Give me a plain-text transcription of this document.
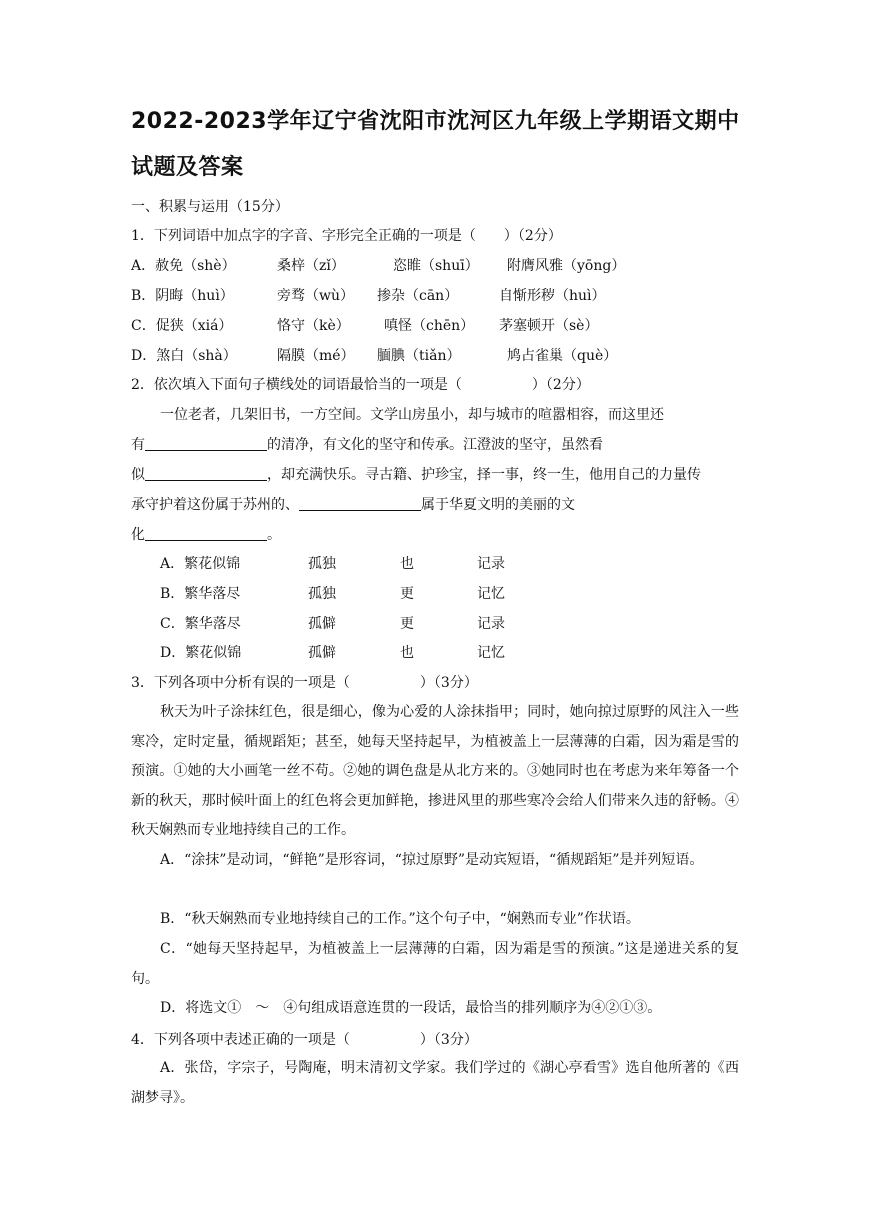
2022-2023学年辽宁省沈阳市沈河区九年级上学期语文期中
试题及答案
一、积累与运用（15分）
1．下列词语中加点字的字音、字形完全正确的一项是（　　）（2分）
A．赦免（shè）	桑梓（zǐ）	恣睢（shuī） 附膺风雅（yōng）
B．阴晦（huì）	旁骛（wù） 掺杂（cān）	自惭形秽（huì）
C．促狭（xiá）	恪守（kè） 嗔怪（chēn） 茅塞顿开（sè）
D．煞白（shà）	隔膜（mé） 腼腆（tiǎn）	鸠占雀巢（què）
2．依次填入下面句子横线处的词语最恰当的一项是（　　　　　）（2分）
一位老者，几架旧书，一方空间。文学山房虽小，却与城市的喧嚣相容，而这里还
有	的清净，有文化的坚守和传承。江澄波的坚守，虽然看
似	，却充满快乐。寻古籍、护珍宝，择一事，终一生，他用自己的力量传
承守护着这份属于苏州的、	属于华夏文明的美丽的文
化	。
A．繁花似锦	孤独	也	记录
B．繁华落尽	孤独	更	记忆
C．繁华落尽	孤僻	更	记录
D．繁花似锦	孤僻	也	记忆
3．下列各项中分析有误的一项是（　　　　　）（3分）
秋天为叶子涂抹红色，很是细心，像为心爱的人涂抹指甲；同时，她向掠过原野的风注入一些寒冷，定时定量，循规蹈矩；甚至，她每天坚持起早，为植被盖上一层薄薄的白霜，因为霜是雪的预演。①她的大小画笔一丝不苟。②她的调色盘是从北方来的。③她同时也在考虑为来年筹备一个新的秋天，那时候叶面上的红色将会更加鲜艳，掺进风里的那些寒冷会给人们带来久违的舒畅。④秋天娴熟而专业地持续自己的工作。
A．“涂抹”是动词，“鲜艳”是形容词，“掠过原野”是动宾短语，“循规蹈矩”是并列短语。
B．“秋天娴熟而专业地持续自己的工作。”这个句子中，“娴熟而专业”作状语。
C．“她每天坚持起早，为植被盖上一层薄薄的白霜，因为霜是雪的预演。”这是递进关系的复句。
D．将选文①　～　④句组成语意连贯的一段话，最恰当的排列顺序为④②①③。
4．下列各项中表述正确的一项是（　　　　　）（3分）
A．张岱，字宗子，号陶庵，明末清初文学家。我们学过的《湖心亭看雪》选自他所著的《西湖梦寻》。
